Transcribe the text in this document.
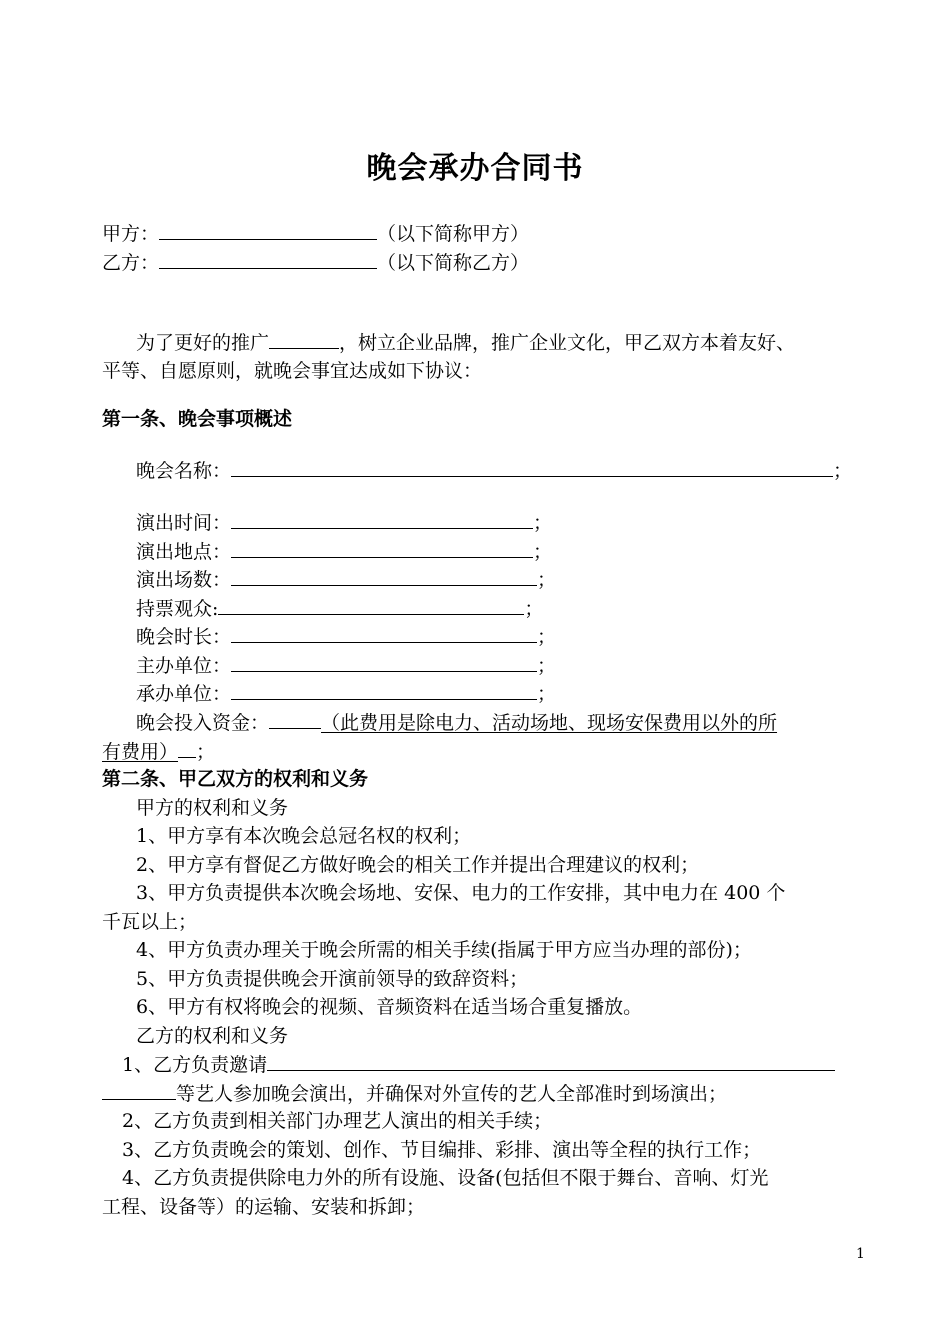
晚会承办合同书
甲方：	（以下简称甲方）
乙方：	（以下简称乙方）
为了更好的推广	，树立企业品牌，推广企业文化，甲乙双方本着友好、
平等、自愿原则，就晚会事宜达成如下协议：
第一条、晚会事项概述
晚会名称：	；
演出时间：	；
演出地点：	；
演出场数：	；
持票观众:	；
晚会时长：	；
主办单位：	；
承办单位：	；
晚会投入资金：	（此费用是除电力、活动场地、现场安保费用以外的所
有费用） ；
第二条、甲乙双方的权利和义务
甲方的权利和义务
1、甲方享有本次晚会总冠名权的权利；
2、甲方享有督促乙方做好晚会的相关工作并提出合理建议的权利；
3、甲方负责提供本次晚会场地、安保、电力的工作安排，其中电力在 400 个
千瓦以上；
4、甲方负责办理关于晚会所需的相关手续(指属于甲方应当办理的部份)；
5、甲方负责提供晚会开演前领导的致辞资料；
6、甲方有权将晚会的视频、音频资料在适当场合重复播放。
乙方的权利和义务
1、乙方负责邀请
等艺人参加晚会演出，并确保对外宣传的艺人全部准时到场演出；
2、乙方负责到相关部门办理艺人演出的相关手续；
3、乙方负责晚会的策划、创作、节目编排、彩排、演出等全程的执行工作；
4、乙方负责提供除电力外的所有设施、设备(包括但不限于舞台、音响、灯光
工程、设备等）的运输、安装和拆卸；
1
